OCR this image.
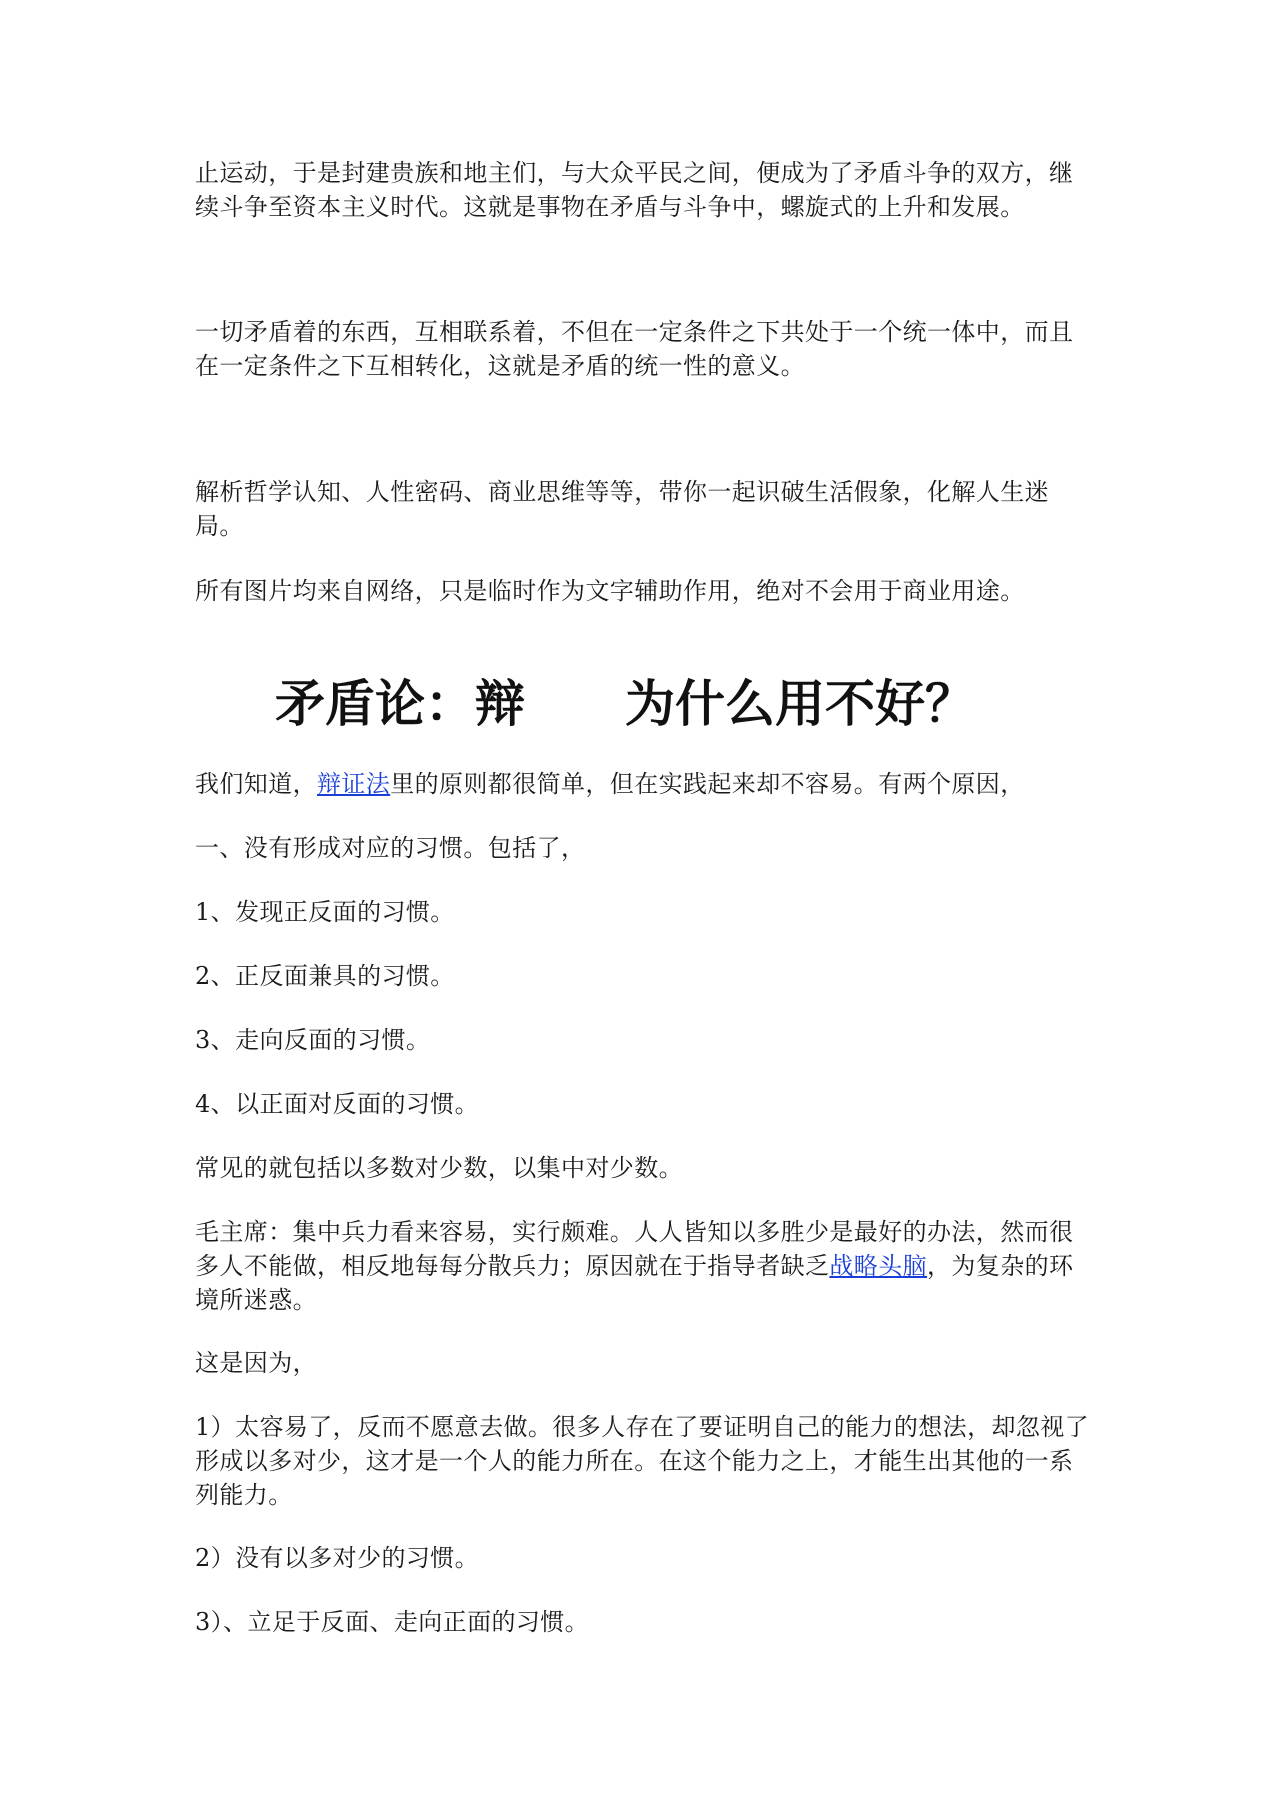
止运动，于是封建贵族和地主们，与大众平民之间，便成为了矛盾斗争的双方，继续斗争至资本主义时代。这就是事物在矛盾与斗争中，螺旋式的上升和发展。

一切矛盾着的东西，互相联系着，不但在一定条件之下共处于一个统一体中，而且在一定条件之下互相转化，这就是矛盾的统一性的意义。

解析哲学认知、人性密码、商业思维等等，带你一起识破生活假象，化解人生迷局。

所有图片均来自网络，只是临时作为文字辅助作用，绝对不会用于商业用途。

矛盾论：辩 为什么用不好？

我们知道，辩证法里的原则都很简单，但在实践起来却不容易。有两个原因，

一、没有形成对应的习惯。包括了，

1、发现正反面的习惯。

2、正反面兼具的习惯。

3、走向反面的习惯。

4、以正面对反面的习惯。

常见的就包括以多数对少数，以集中对少数。

毛主席：集中兵力看来容易，实行颇难。人人皆知以多胜少是最好的办法，然而很多人不能做，相反地每每分散兵力；原因就在于指导者缺乏战略头脑，为复杂的环境所迷惑。

这是因为，

1）太容易了，反而不愿意去做。很多人存在了要证明自己的能力的想法，却忽视了形成以多对少，这才是一个人的能力所在。在这个能力之上，才能生出其他的一系列能力。

2）没有以多对少的习惯。

3）、立足于反面、走向正面的习惯。
